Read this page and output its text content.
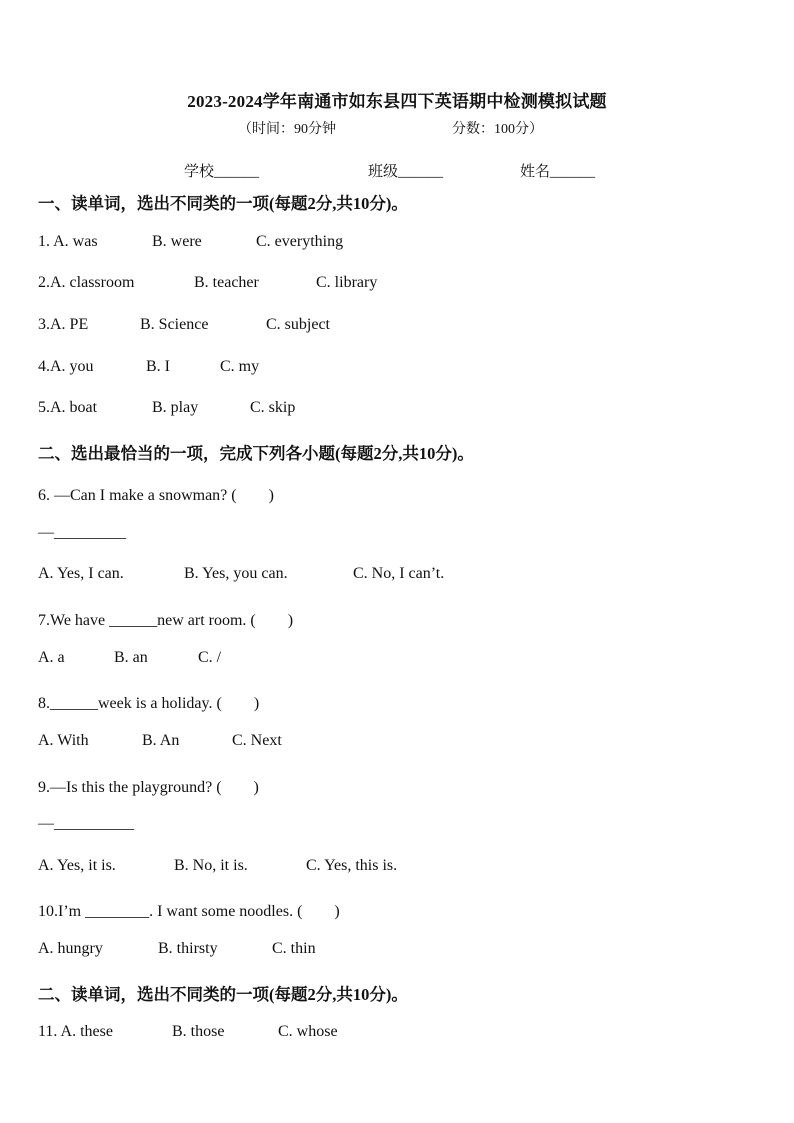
2023-2024学年南通市如东县四下英语期中检测模拟试题
（时间：90分钟	分数：100分）
学校______	班级______	姓名______
一、读单词，选出不同类的一项(每题2分,共10分)。
1. A. was	B. were	C. everything
2.A. classroom	B. teacher	C. library
3.A. PE	B. Science	C. subject
4.A. you	B. I	C. my
5.A. boat	B. play	C. skip
二、选出最恰当的一项，完成下列各小题(每题2分,共10分)。
6. —Can I make a snowman? (　　)
—_________
A. Yes, I can.	B. Yes, you can.	C. No, I can’t.
7.We have ______new art room. (　　)
A. a	B. an	C. /
8.______week is a holiday. (　　)
A. With	B. An	C. Next
9.—Is this the playground? (　　)
—__________
A. Yes, it is.	B. No, it is.	C. Yes, this is.
10.I’m ________. I want some noodles. (　　)
A. hungry	B. thirsty	C. thin
二、读单词，选出不同类的一项(每题2分,共10分)。
11. A. these	B. those	C. whose
